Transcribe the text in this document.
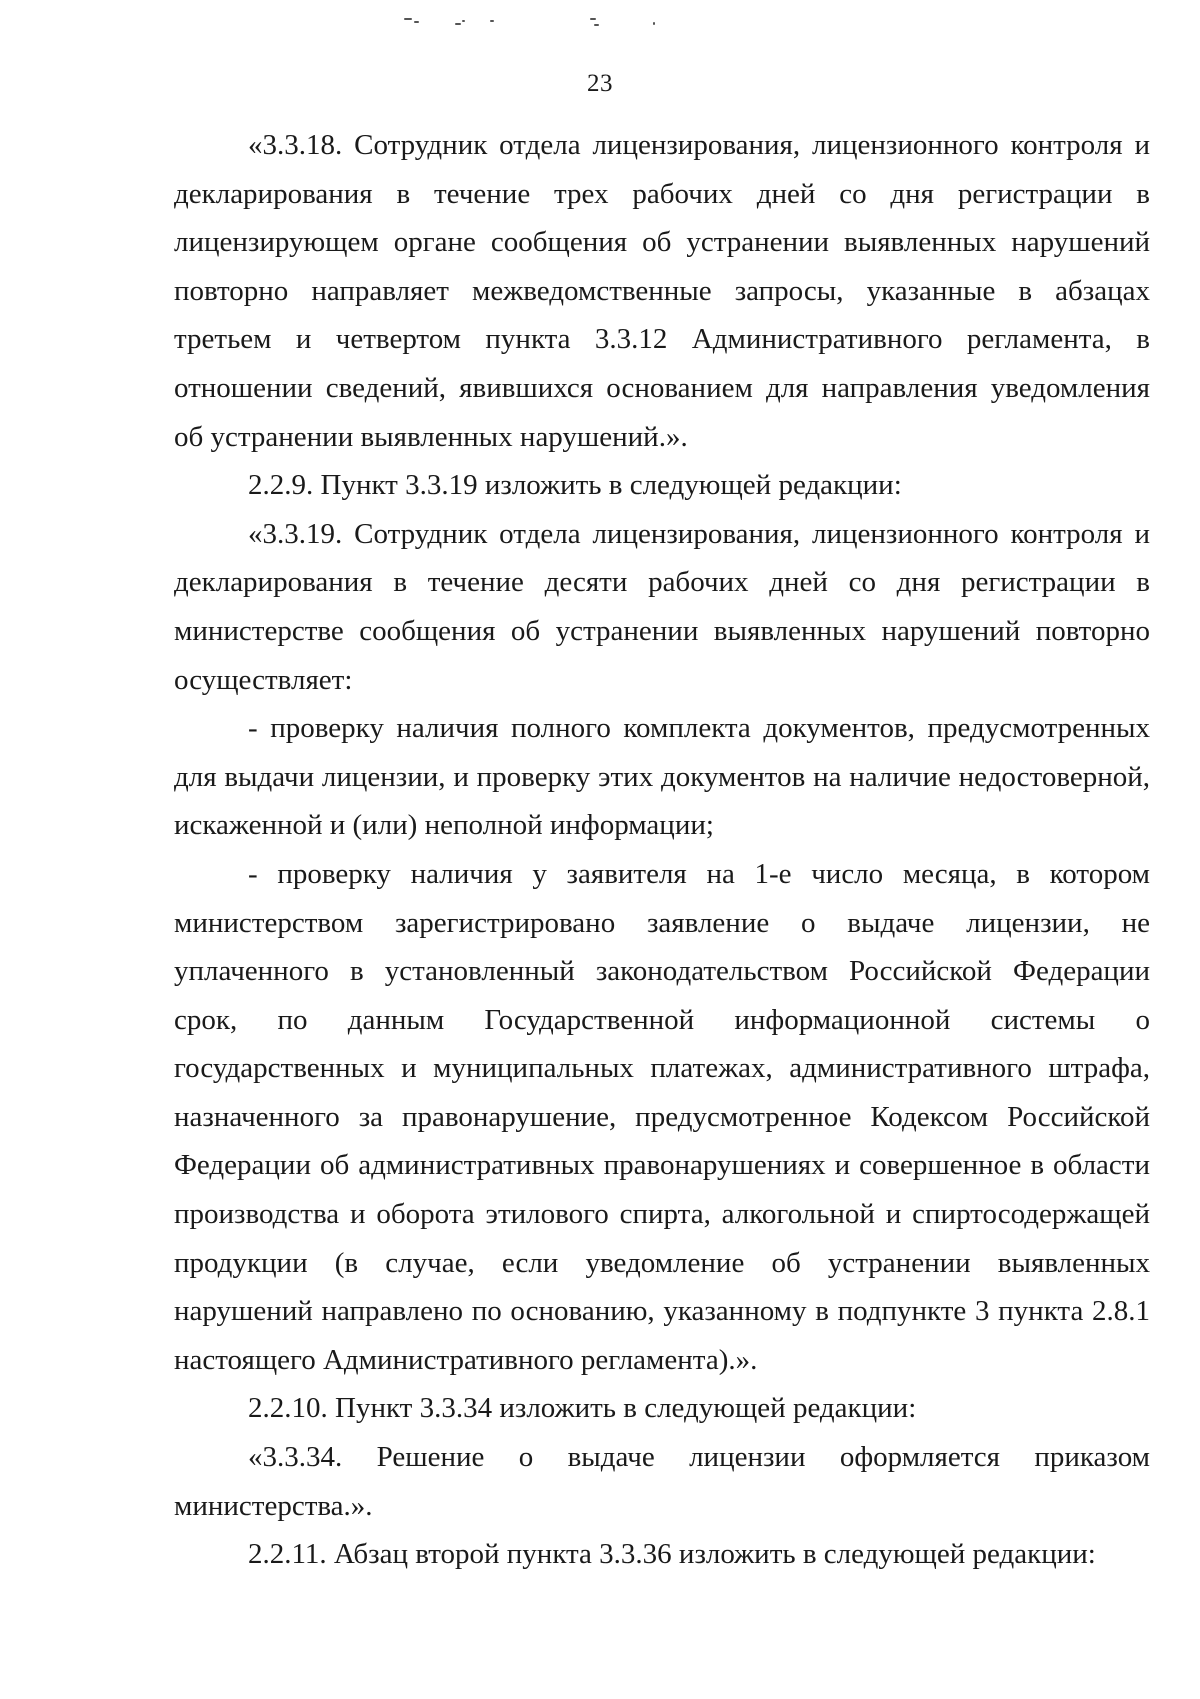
23

«3.3.18. Сотрудник отдела лицензирования, лицензионного контроля и декларирования в течение трех рабочих дней со дня регистрации в лицензирующем органе сообщения об устранении выявленных нарушений повторно направляет межведомственные запросы, указанные в абзацах третьем и четвертом пункта 3.3.12 Административного регламента, в отношении сведений, явившихся основанием для направления уведомления об устранении выявленных нарушений.».

2.2.9. Пункт 3.3.19 изложить в следующей редакции:

«3.3.19. Сотрудник отдела лицензирования, лицензионного контроля и декларирования в течение десяти рабочих дней со дня регистрации в министерстве сообщения об устранении выявленных нарушений повторно осуществляет:

- проверку наличия полного комплекта документов, предусмотренных для выдачи лицензии, и проверку этих документов на наличие недостоверной, искаженной и (или) неполной информации;

- проверку наличия у заявителя на 1-е число месяца, в котором министерством зарегистрировано заявление о выдаче лицензии, не уплаченного в установленный законодательством Российской Федерации срок, по данным Государственной информационной системы о государственных и муниципальных платежах, административного штрафа, назначенного за правонарушение, предусмотренное Кодексом Российской Федерации об административных правонарушениях и совершенное в области производства и оборота этилового спирта, алкогольной и спиртосодержащей продукции (в случае, если уведомление об устранении выявленных нарушений направлено по основанию, указанному в подпункте 3 пункта 2.8.1 настоящего Административного регламента).».

2.2.10. Пункт 3.3.34 изложить в следующей редакции:

«3.3.34. Решение о выдаче лицензии оформляется приказом министерства.».

2.2.11. Абзац второй пункта 3.3.36 изложить в следующей редакции:
